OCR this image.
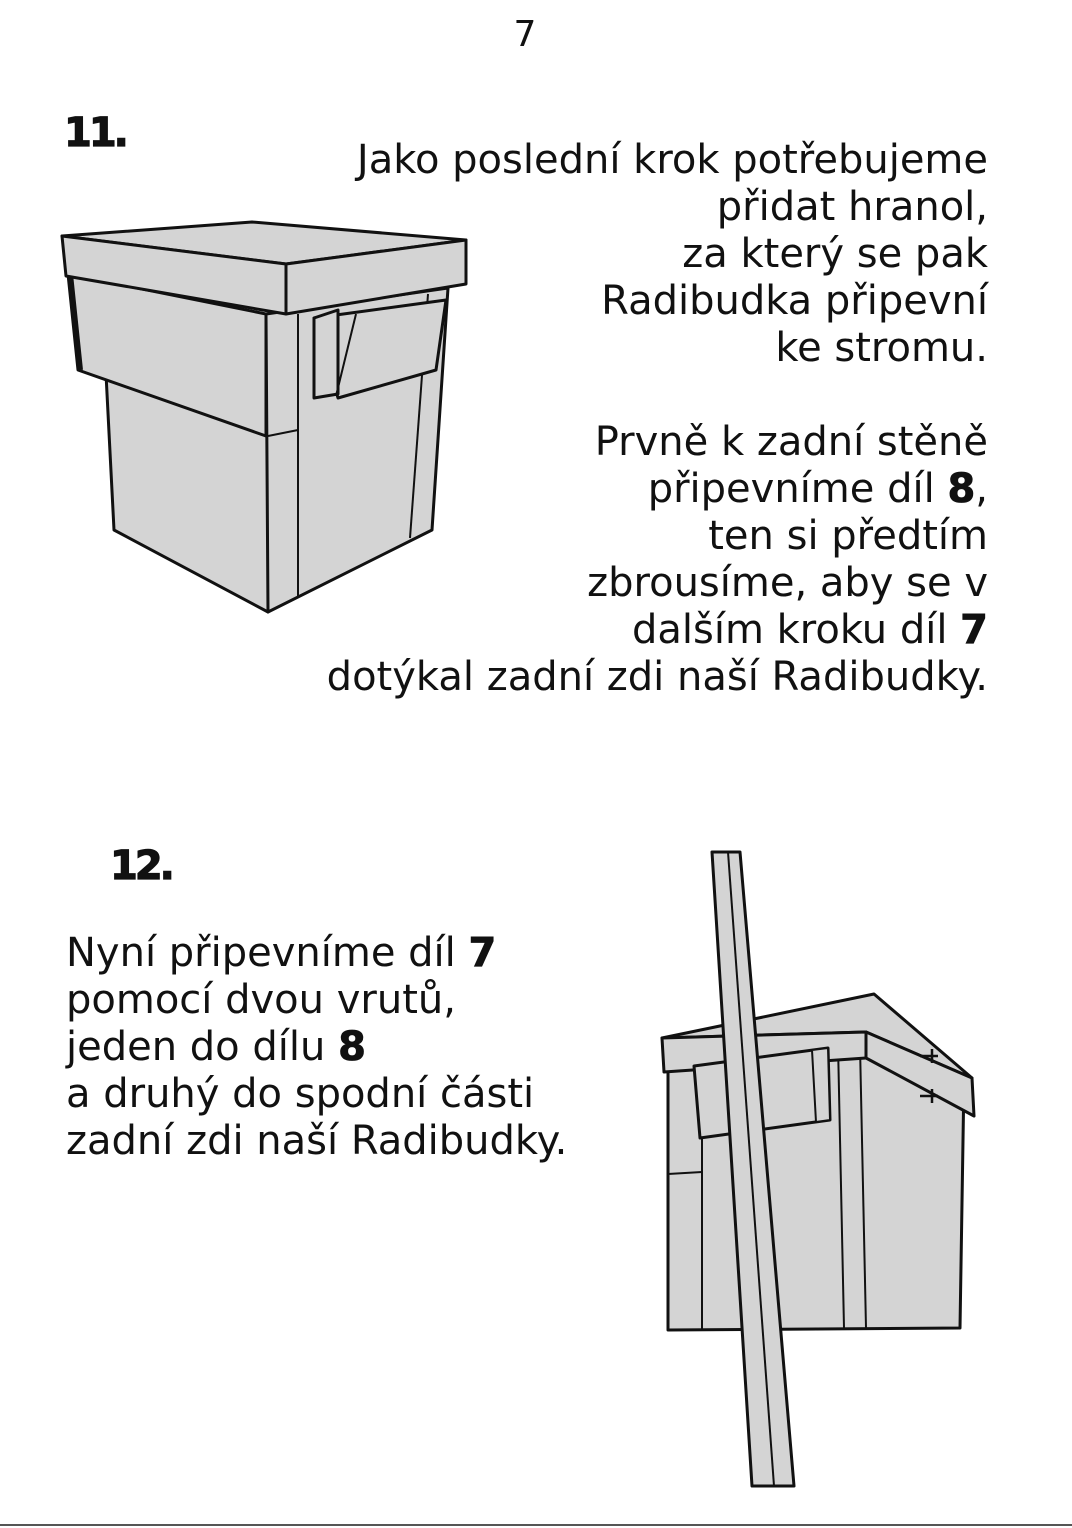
7
11.
Jako poslední krok potřebujeme
přidat hranol,
za který se pak
Radibudka připevní
ke stromu.

Prvně k zadní stěně
připevníme díl 8,
ten si předtím
zbrousíme, aby se v
dalším kroku díl 7
dotýkal zadní zdi naší Radibudky.
12.
Nyní připevníme díl 7
pomocí dvou vrutů,
jeden do dílu 8
a druhý do spodní části
zadní zdi naší Radibudky.
